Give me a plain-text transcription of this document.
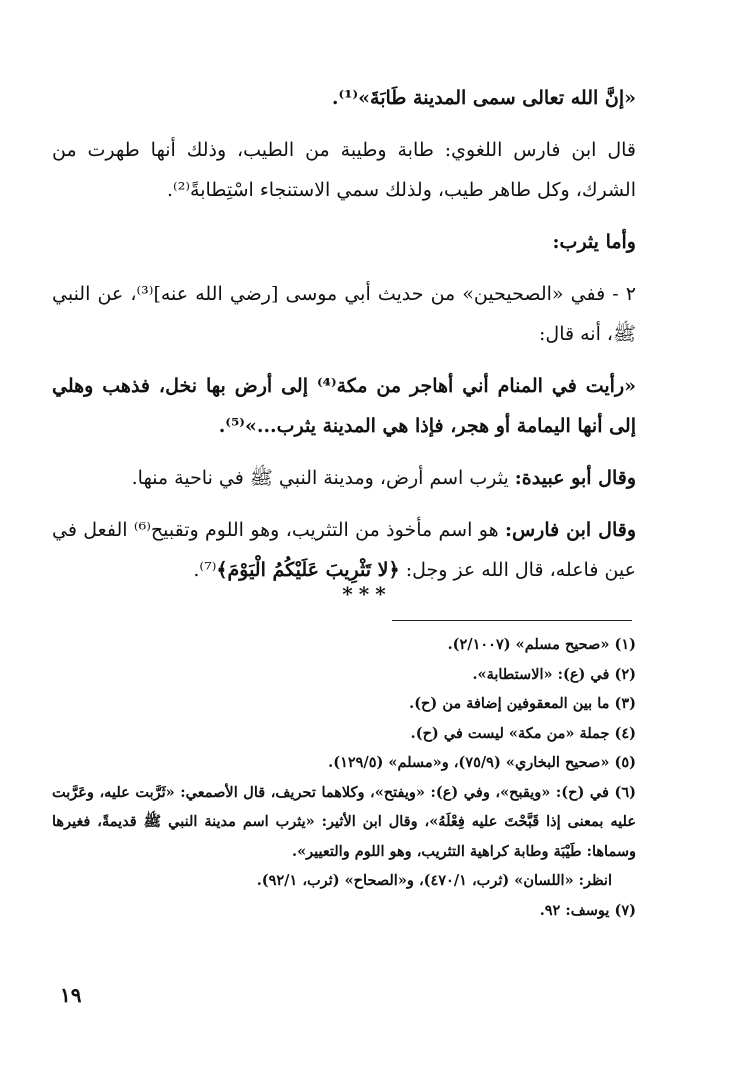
«إنَّ الله تعالى سمى المدينة طَابَةَ»⁽¹⁾.

قال ابن فارس اللغوي: طابة وطيبة من الطيب، وذلك أنها طهرت من الشرك، وكل طاهر طيب، ولذلك سمي الاستنجاء اسْتِطابةً⁽²⁾.

وأما يثرب:

٢ - ففي «الصحيحين» من حديث أبي موسى [رضي الله عنه]⁽³⁾، عن النبي ﷺ، أنه قال:

«رأيت في المنام أني أهاجر من مكة⁽⁴⁾ إلى أرض بها نخل، فذهب وهلي إلى أنها اليمامة أو هجر، فإذا هي المدينة يثرب...»⁽⁵⁾.

وقال أبو عبيدة: يثرب اسم أرض، ومدينة النبي ﷺ في ناحية منها.

وقال ابن فارس: هو اسم مأخوذ من التثريب، وهو اللوم وتقبيح⁽⁶⁾ الفعل في عين فاعله، قال الله عز وجل: ﴿لا تَثْرِيبَ عَلَيْكُمُ الْيَوْمَ﴾⁽⁷⁾.

***

(١) «صحيح مسلم» (٢/١٠٠٧).

(٢) في (ع): «الاستطابة».

(٣) ما بين المعقوفين إضافة من (ح).

(٤) جملة «من مكة» ليست في (ح).

(٥) «صحيح البخاري» (٧٥/٩)، و«مسلم» (١٢٩/٥).

(٦) في (ح): «ويقبح»، وفي (ع): «ويفتح»، وكلاهما تحريف، قال الأصمعي: «ثَرَّبت عليه، وعَرَّبت عليه بمعنى إذا قَبَّحْتَ عليه فِعْلَهُ»، وقال ابن الأثير: «يثرب اسم مدينة النبي ﷺ قديمةً، فغيرها وسماها: طَيْبَة وطابة كراهية التثريب، وهو اللوم والتعيير».

انظر: «اللسان» (ثرب، ٤٧٠/١)، و«الصحاح» (ثرب، ٩٢/١).

(٧) يوسف: ٩٢.

١٩
